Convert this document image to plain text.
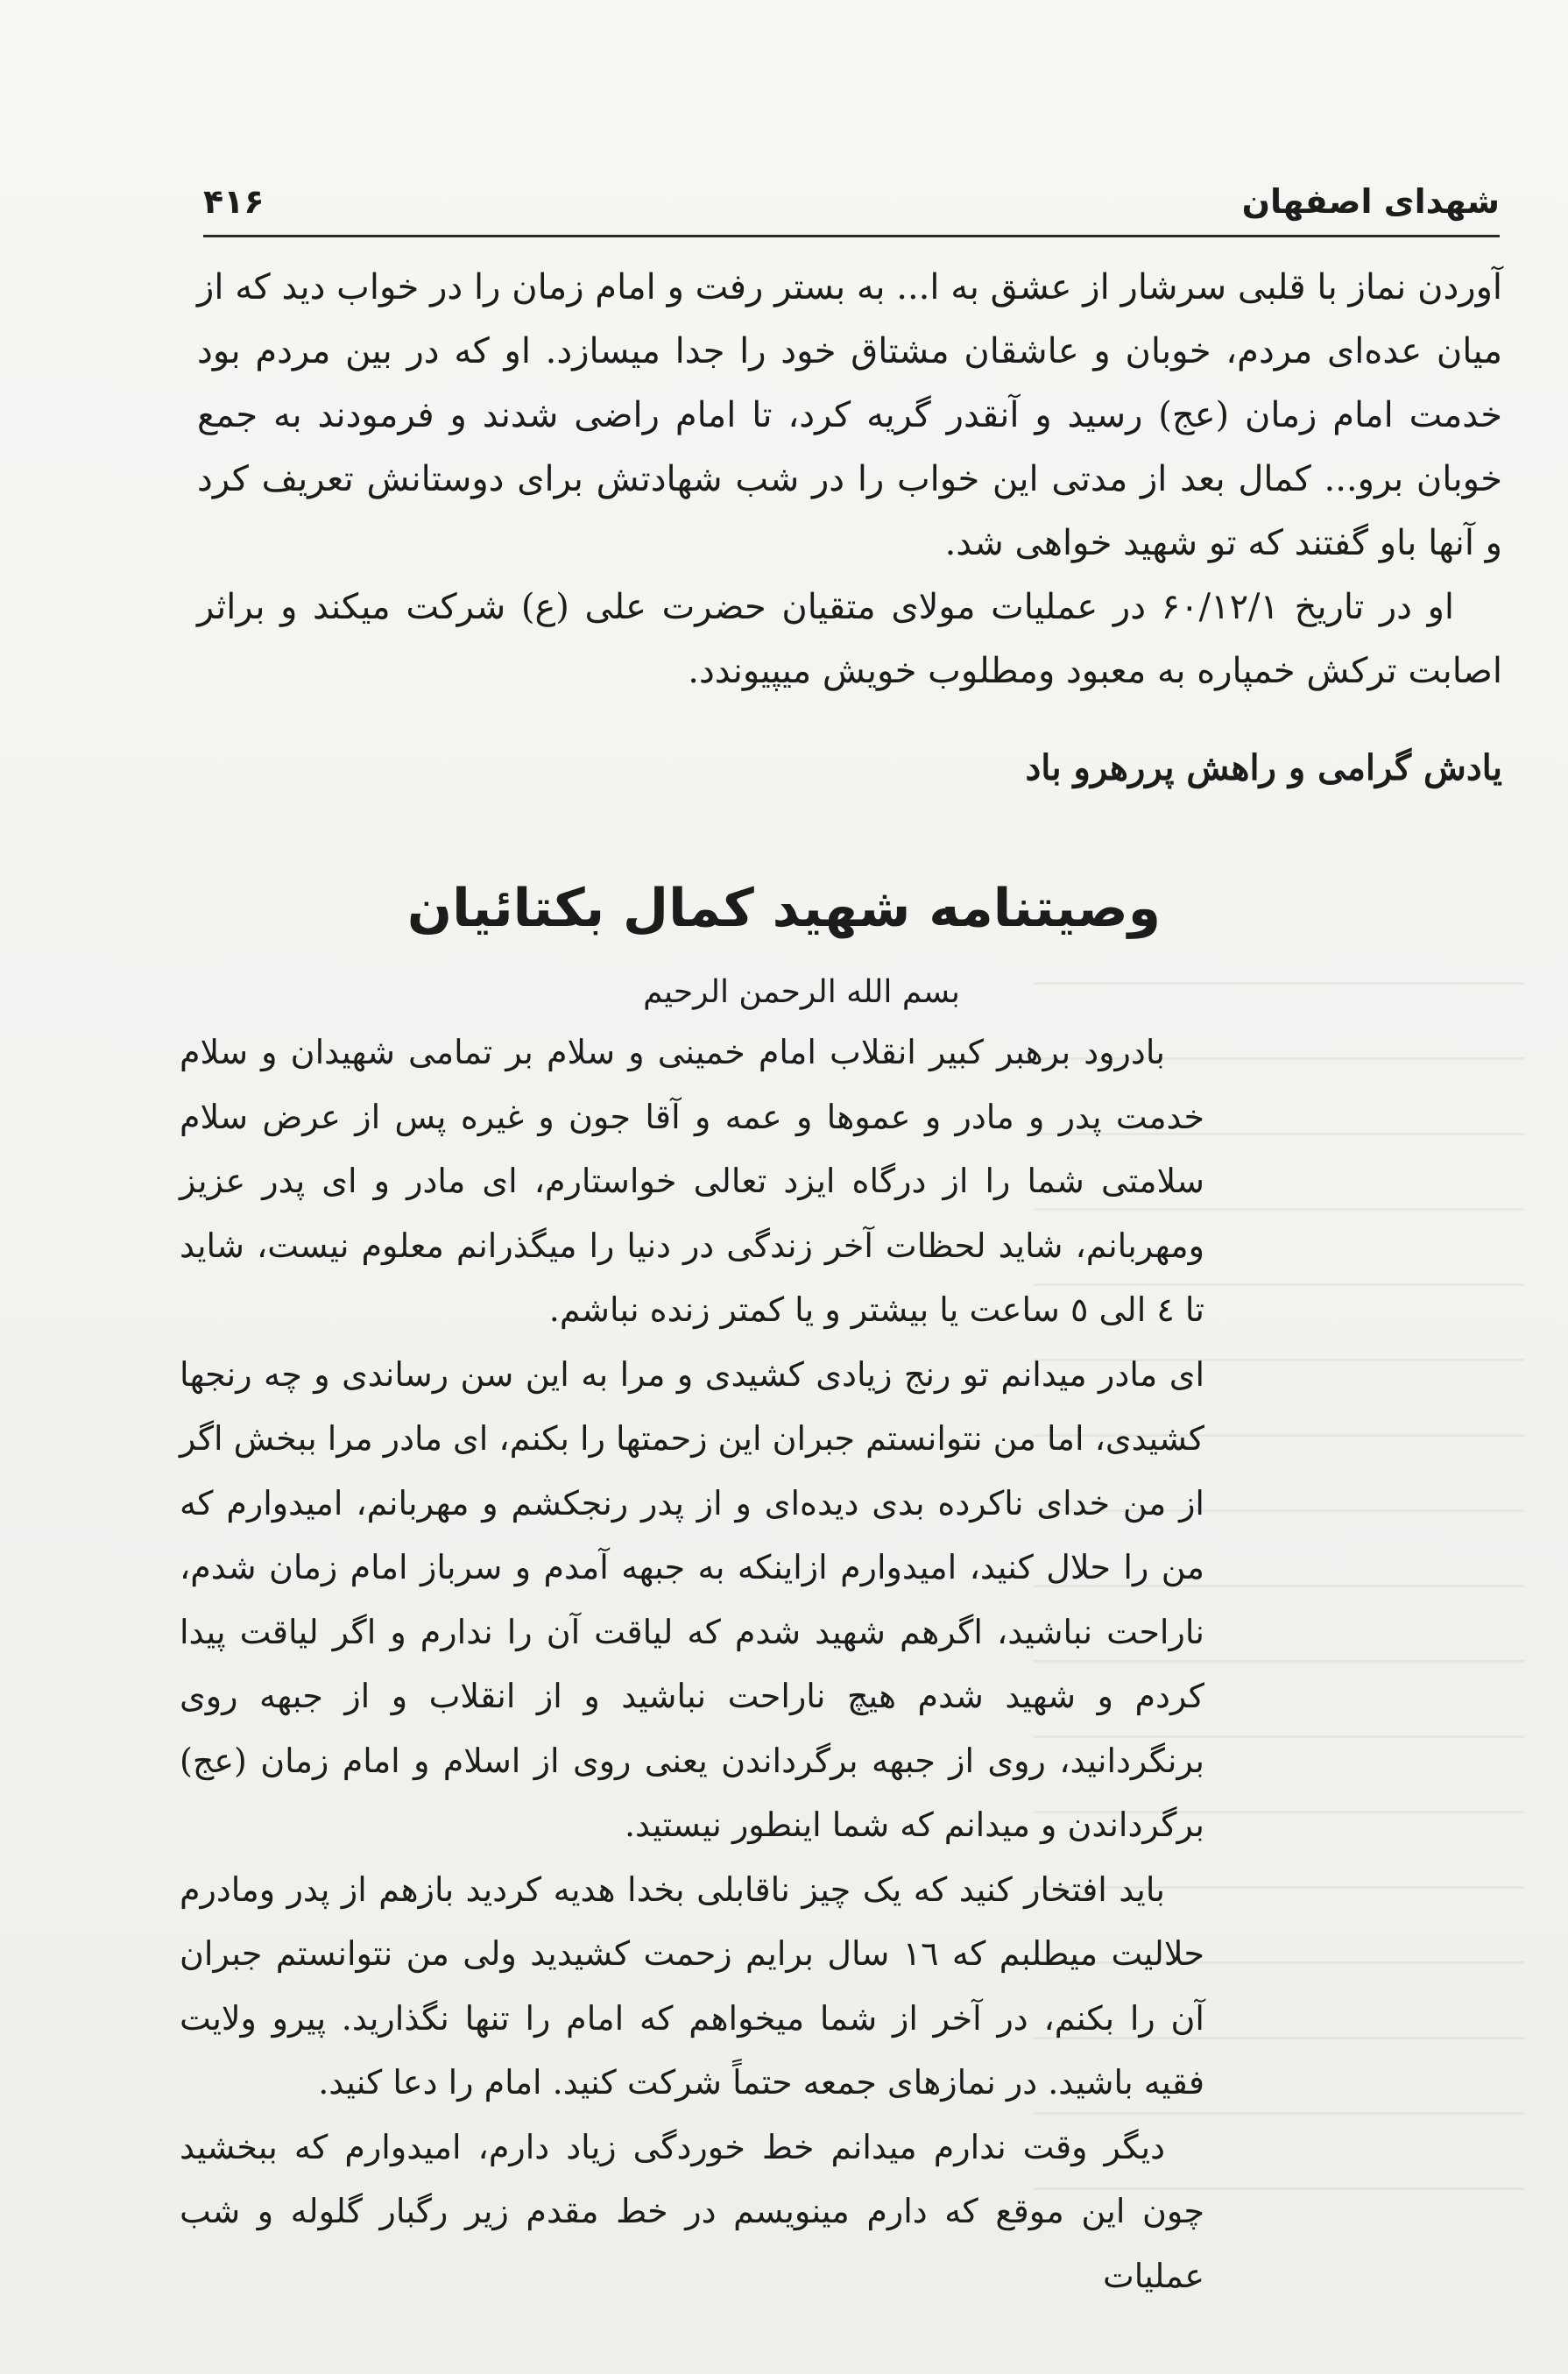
شهدای اصفهان
۴۱۶

آوردن نماز با قلبی سرشار از عشق به ا... به بستر رفت و امام زمان را در خواب دید که از میان عده‌ای مردم، خوبان و عاشقان مشتاق خود را جدا میسازد. او که در بین مردم بود خدمت امام زمان (عج) رسید و آنقدر گریه کرد، تا امام راضی شدند و فرمودند به جمع خوبان برو... کمال بعد از مدتی این خواب را در شب شهادتش برای دوستانش تعریف کرد و آنها باو گفتند که تو شهید خواهی شد.

او در تاریخ ۶۰/۱۲/۱ در عملیات مولای متقیان حضرت علی (ع) شرکت میکند و براثر اصابت ترکش خمپاره به معبود ومطلوب خویش میپیوندد.

یادش گرامی و راهش پررهرو باد
وصیتنامه شهید کمال بکتائیان
بسم الله الرحمن الرحیم

بادرود برهبر کبیر انقلاب امام خمینی و سلام بر تمامی شهیدان و سلام خدمت پدر و مادر و عموها و عمه و آقا جون و غیره پس از عرض سلام سلامتی شما را از درگاه ایزد تعالی خواستارم، ای مادر و ای پدر عزیز ومهربانم، شاید لحظات آخر زندگی در دنیا را میگذرانم معلوم نیست، شاید تا ٤ الی ٥ ساعت یا بیشتر و یا کمتر زنده نباشم.

ای مادر میدانم تو رنج زیادی کشیدی و مرا به این سن رساندی و چه رنجها کشیدی، اما من نتوانستم جبران این زحمتها را بکنم، ای مادر مرا ببخش اگر از من خدای ناکرده بدی دیده‌ای و از پدر رنجکشم و مهربانم، امیدوارم که من را حلال کنید، امیدوارم ازاینکه به جبهه آمدم و سرباز امام زمان شدم، ناراحت نباشید، اگرهم شهید شدم که لیاقت آن را ندارم و اگر لیاقت پیدا کردم و شهید شدم هیچ ناراحت نباشید و از انقلاب و از جبهه روی برنگردانید، روی از جبهه برگرداندن یعنی روی از اسلام و امام زمان (عج) برگرداندن و میدانم که شما اینطور نیستید.

باید افتخار کنید که یک چیز ناقابلی بخدا هدیه کردید بازهم از پدر ومادرم حلالیت میطلبم که ١٦ سال برایم زحمت کشیدید ولی من نتوانستم جبران آن را بکنم، در آخر از شما میخواهم که امام را تنها نگذارید. پیرو ولایت فقیه باشید. در نمازهای جمعه حتماً شرکت کنید. امام را دعا کنید.

دیگر وقت ندارم میدانم خط خوردگی زیاد دارم، امیدوارم که ببخشید چون این موقع که دارم مینویسم در خط مقدم زیر رگبار گلوله و شب عملیات
